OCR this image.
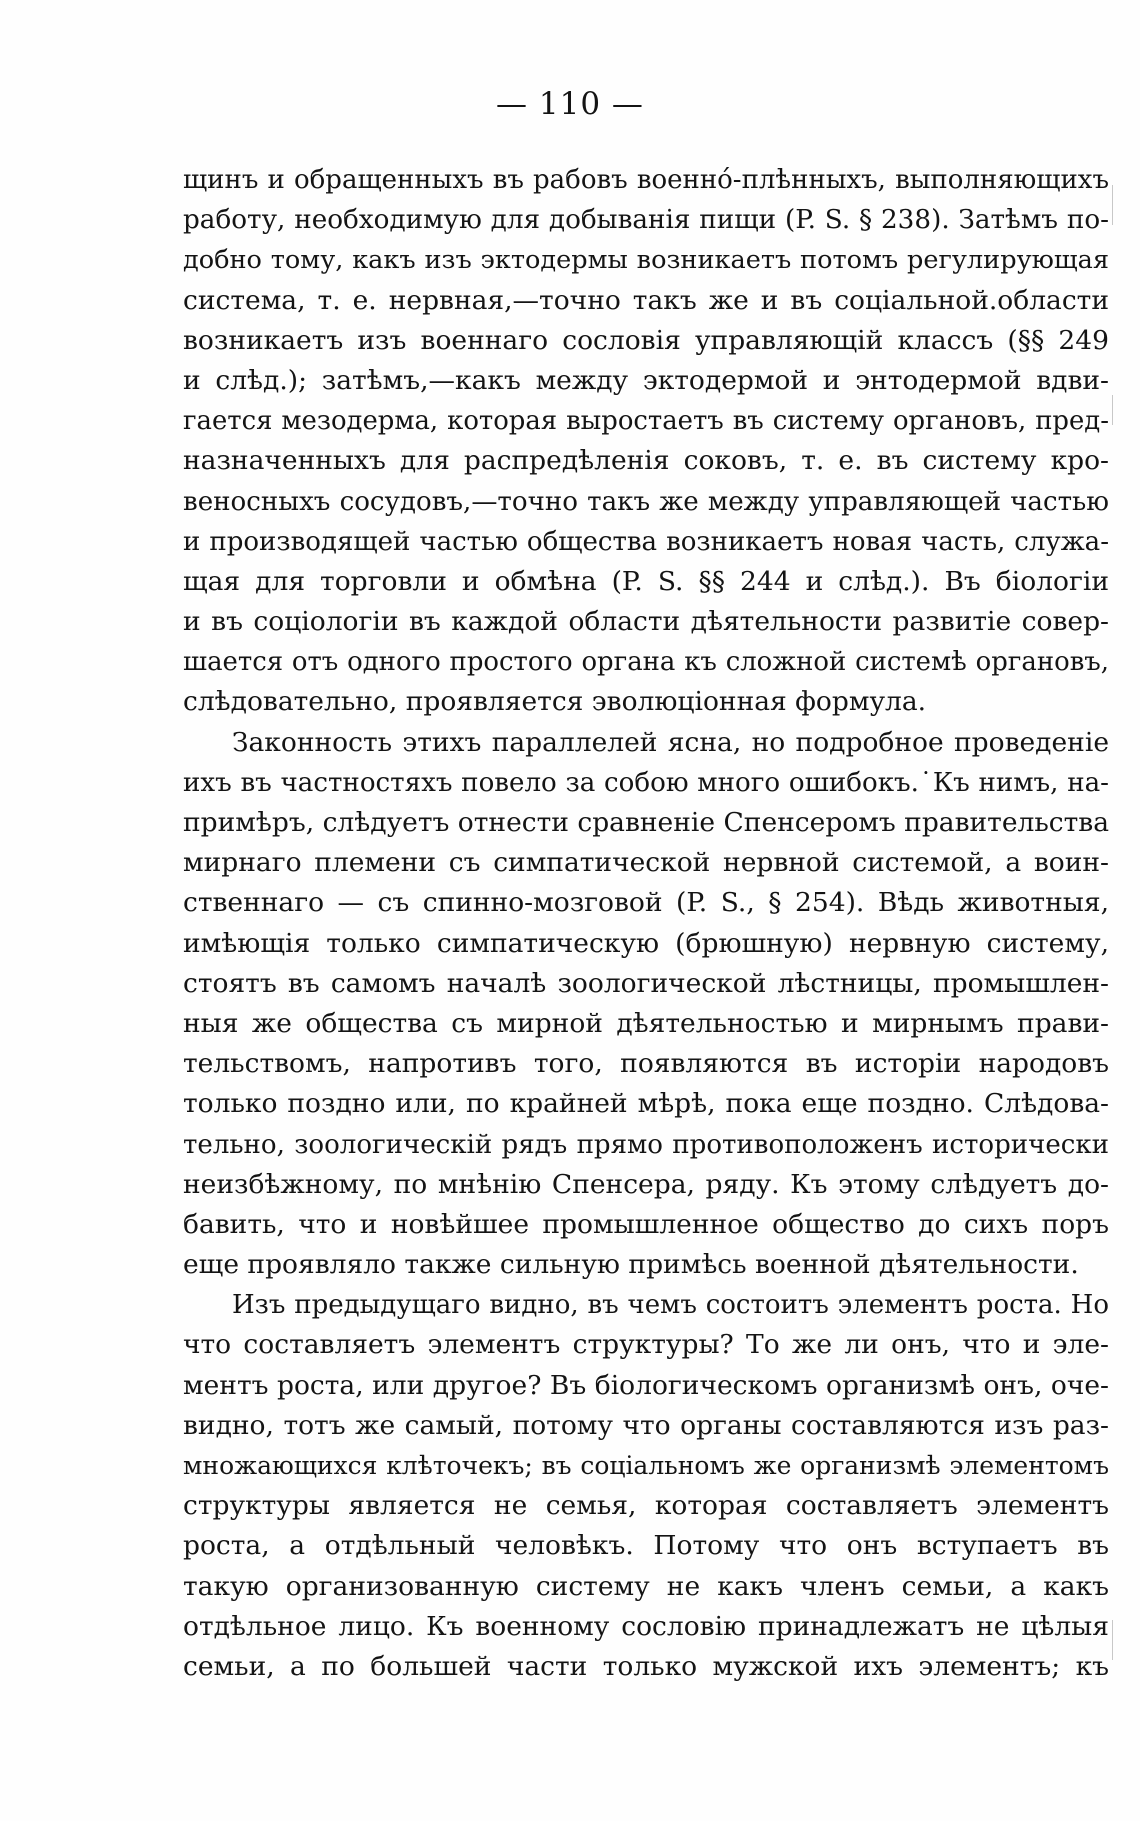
— 110 —
щинъ и обращенныхъ въ рабовъ военнó-плѣнныхъ, выполняющихъ
работу, необходимую для добыванія пищи (P. S. § 238). Затѣмъ по-
добно тому, какъ изъ эктодермы возникаетъ потомъ регулирующая
система, т. е. нервная,—точно такъ же и въ соціальной.области
возникаетъ изъ военнаго сословія управляющій классъ (§§ 249
и слѣд.); затѣмъ,—какъ между эктодермой и энтодермой вдви-
гается мезодерма, которая выростаетъ въ систему органовъ, пред-
назначенныхъ для распредѣленія соковъ, т. е. въ систему кро-
веносныхъ сосудовъ,—точно такъ же между управляющей частью
и производящей частью общества возникаетъ новая часть, служа-
щая для торговли и обмѣна (P. S. §§ 244 и слѣд.). Въ біологіи
и въ соціологіи въ каждой области дѣятельности развитіе совер-
шается отъ одного простого органа къ сложной системѣ органовъ,
слѣдовательно, проявляется эволюціонная формула.
Законность этихъ параллелей ясна, но подробное проведеніе
ихъ въ частностяхъ повело за собою много ошибокъ.˙Къ нимъ, на-
примѣръ, слѣдуетъ отнести сравненіе Спенсеромъ правительства
мирнаго племени съ симпатической нервной системой, а воин-
ственнаго — съ спинно-мозговой (P. S., § 254). Вѣдь животныя,
имѣющія только симпатическую (брюшную) нервную систему,
стоятъ въ самомъ началѣ зоологической лѣстницы, промышлен-
ныя же общества съ мирной дѣятельностью и мирнымъ прави-
тельствомъ, напротивъ того, появляются въ исторіи народовъ
только поздно или, по крайней мѣрѣ, пока еще поздно. Слѣдова-
тельно, зоологическій рядъ прямо противоположенъ исторически
неизбѣжному, по мнѣнію Спенсера, ряду. Къ этому слѣдуетъ до-
бавить, что и новѣйшее промышленное общество до сихъ поръ
еще проявляло также сильную примѣсь военной дѣятельности.
Изъ предыдущаго видно, въ чемъ состоитъ элементъ роста. Но
что составляетъ элементъ структуры? То же ли онъ, что и эле-
ментъ роста, или другое? Въ біологическомъ организмѣ онъ, оче-
видно, тотъ же самый, потому что органы составляются изъ раз-
множающихся клѣточекъ; въ соціальномъ же организмѣ элементомъ
структуры является не семья, которая составляетъ элементъ
роста, а отдѣльный человѣкъ. Потому что онъ вступаетъ въ
такую организованную систему не какъ членъ семьи, а какъ
отдѣльное лицо. Къ военному сословію принадлежатъ не цѣлыя
семьи, а по большей части только мужской ихъ элементъ; къ
